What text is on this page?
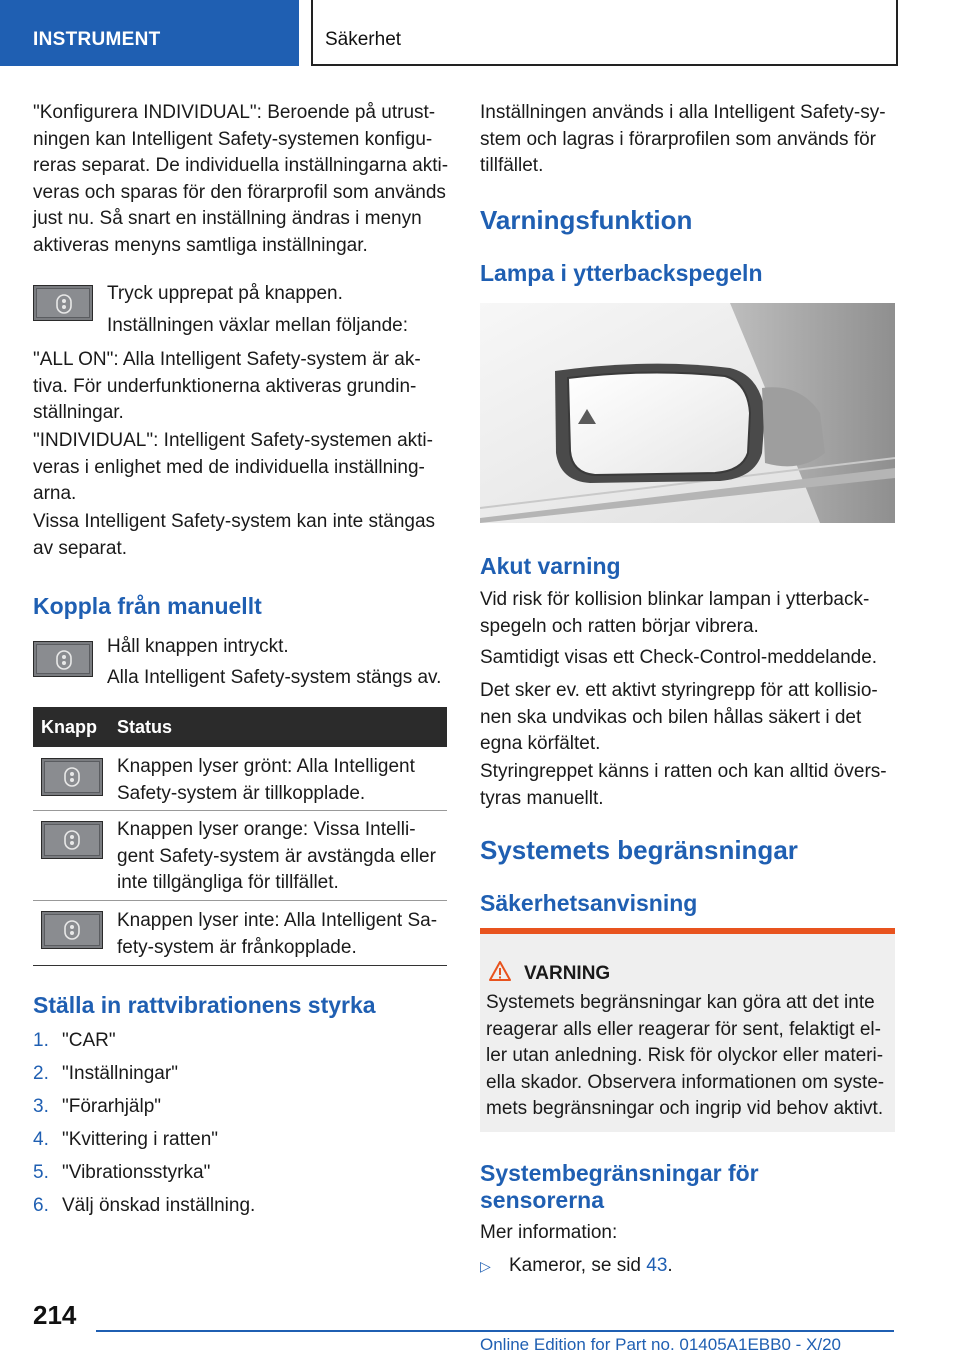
INSTRUMENT	Säkerhet
"Konfigurera INDIVIDUAL": Beroende på utrust-
ningen kan Intelligent Safety-systemen konfigu-
reras separat. De individuella inställningarna akti-
veras och sparas för den förarprofil som används
just nu. Så snart en inställning ändras i menyn
aktiveras menyns samtliga inställningar.
Tryck upprepat på knappen.
Inställningen växlar mellan följande:
"ALL ON": Alla Intelligent Safety-system är ak-
tiva. För underfunktionerna aktiveras grundin-
ställningar.
"INDIVIDUAL": Intelligent Safety-systemen akti-
veras i enlighet med de individuella inställning-
arna.
Vissa Intelligent Safety-system kan inte stängas
av separat.
Koppla från manuellt
Håll knappen intryckt.
Alla Intelligent Safety-system stängs av.
Knapp Status
Knappen lyser grönt: Alla Intelligent
Safety-system är tillkopplade.
Knappen lyser orange: Vissa Intelli-
gent Safety-system är avstängda eller
inte tillgängliga för tillfället.
Knappen lyser inte: Alla Intelligent Sa-
fety-system är frånkopplade.
Ställa in rattvibrationens styrka
1. "CAR"
2. "Inställningar"
3. "Förarhjälp"
4. "Kvittering i ratten"
5. "Vibrationsstyrka"
6. Välj önskad inställning.
Inställningen används i alla Intelligent Safety-sy-
stem och lagras i förarprofilen som används för
tillfället.
Varningsfunktion
Lampa i ytterbackspegeln
Akut varning
Vid risk för kollision blinkar lampan i ytterback-
spegeln och ratten börjar vibrera.
Samtidigt visas ett Check-Control-meddelande.
Det sker ev. ett aktivt styringrepp för att kollisio-
nen ska undvikas och bilen hållas säkert i det
egna körfältet.
Styringreppet känns i ratten och kan alltid övers-
tyras manuellt.
Systemets begränsningar
Säkerhetsanvisning
VARNING
Systemets begränsningar kan göra att det inte
reagerar alls eller reagerar för sent, felaktigt el-
ler utan anledning. Risk för olyckor eller materi-
ella skador. Observera informationen om syste-
mets begränsningar och ingrip vid behov aktivt.
Systembegränsningar för
sensorerna
Mer information:
▷ Kameror, se sid 43.
214
Online Edition for Part no. 01405A1EBB0 - X/20
